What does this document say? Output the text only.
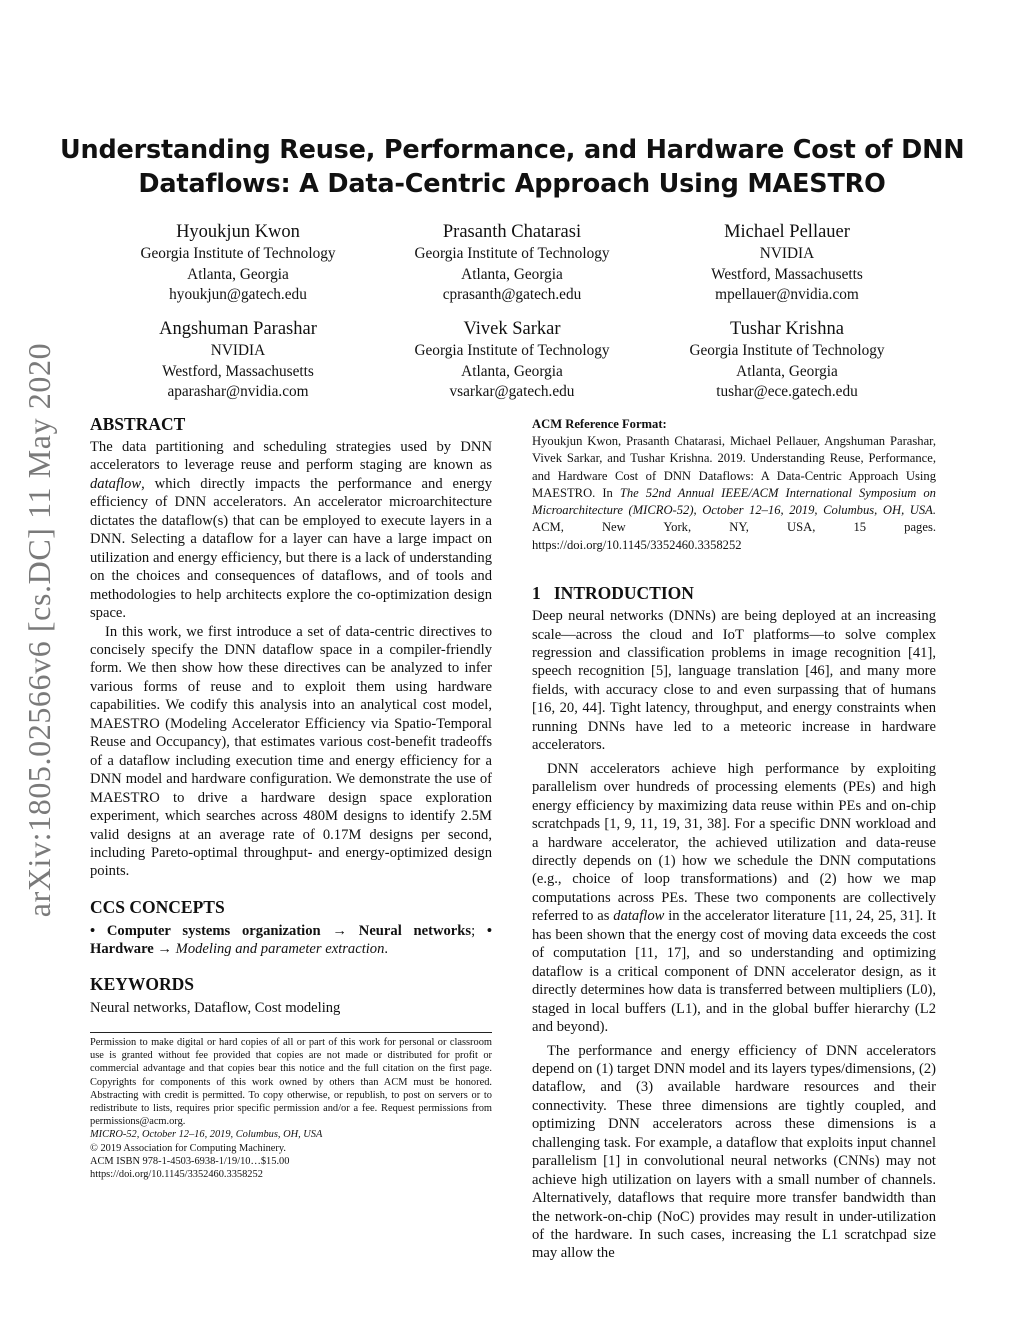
Understanding Reuse, Performance, and Hardware Cost of DNN
Dataflows: A Data-Centric Approach Using MAESTRO
Hyoukjun Kwon
Georgia Institute of Technology
Atlanta, Georgia
hyoukjun@gatech.edu
Prasanth Chatarasi
Georgia Institute of Technology
Atlanta, Georgia
cprasanth@gatech.edu
Michael Pellauer
NVIDIA
Westford, Massachusetts
mpellauer@nvidia.com
Angshuman Parashar
NVIDIA
Westford, Massachusetts
aparashar@nvidia.com
Vivek Sarkar
Georgia Institute of Technology
Atlanta, Georgia
vsarkar@gatech.edu
Tushar Krishna
Georgia Institute of Technology
Atlanta, Georgia
tushar@ece.gatech.edu
arXiv:1805.02566v6 [cs.DC] 11 May 2020 ABSTRACT

The data partitioning and scheduling strategies used by DNN accelerators to leverage reuse and perform staging are known as dataflow, which directly impacts the performance and energy efficiency of DNN accelerators. An accelerator microarchitecture dictates the dataflow(s) that can be employed to execute layers in a DNN. Selecting a dataflow for a layer can have a large impact on utilization and energy efficiency, but there is a lack of understanding on the choices and consequences of dataflows, and of tools and methodologies to help architects explore the co-optimization design space.

In this work, we first introduce a set of data-centric directives to concisely specify the DNN dataflow space in a compiler-friendly form. We then show how these directives can be analyzed to infer various forms of reuse and to exploit them using hardware capabilities. We codify this analysis into an analytical cost model, MAESTRO (Modeling Accelerator Efficiency via Spatio-Temporal Reuse and Occupancy), that estimates various cost-benefit tradeoffs of a dataflow including execution time and energy efficiency for a DNN model and hardware configuration. We demonstrate the use of MAESTRO to drive a hardware design space exploration experiment, which searches across 480M designs to identify 2.5M valid designs at an average rate of 0.17M designs per second, including Pareto-optimal throughput- and energy-optimized design points.

CCS CONCEPTS

• Computer systems organization → Neural networks; • Hardware → Modeling and parameter extraction.

KEYWORDS

Neural networks, Dataflow, Cost modeling

Permission to make digital or hard copies of all or part of this work for personal or classroom use is granted without fee provided that copies are not made or distributed for profit or commercial advantage and that copies bear this notice and the full citation on the first page. Copyrights for components of this work owned by others than ACM must be honored. Abstracting with credit is permitted. To copy otherwise, or republish, to post on servers or to redistribute to lists, requires prior specific permission and/or a fee. Request permissions from permissions@acm.org.
MICRO-52, October 12–16, 2019, Columbus, OH, USA
© 2019 Association for Computing Machinery.
ACM ISBN 978-1-4503-6938-1/19/10…$15.00
https://doi.org/10.1145/3352460.3358252
ACM Reference Format:
Hyoukjun Kwon, Prasanth Chatarasi, Michael Pellauer, Angshuman Parashar, Vivek Sarkar, and Tushar Krishna. 2019. Understanding Reuse, Performance, and Hardware Cost of DNN Dataflows: A Data-Centric Approach Using MAESTRO. In The 52nd Annual IEEE/ACM International Symposium on Microarchitecture (MICRO-52), October 12–16, 2019, Columbus, OH, USA. ACM, New York, NY, USA, 15 pages. https://doi.org/10.1145/3352460.3358252
1   INTRODUCTION

Deep neural networks (DNNs) are being deployed at an increasing scale—across the cloud and IoT platforms—to solve complex regression and classification problems in image recognition [41], speech recognition [5], language translation [46], and many more fields, with accuracy close to and even surpassing that of humans [16, 20, 44]. Tight latency, throughput, and energy constraints when running DNNs have led to a meteoric increase in hardware accelerators.

DNN accelerators achieve high performance by exploiting parallelism over hundreds of processing elements (PEs) and high energy efficiency by maximizing data reuse within PEs and on-chip scratchpads [1, 9, 11, 19, 31, 38]. For a specific DNN workload and a hardware accelerator, the achieved utilization and data-reuse directly depends on (1) how we schedule the DNN computations (e.g., choice of loop transformations) and (2) how we map computations across PEs. These two components are collectively referred to as dataflow in the accelerator literature [11, 24, 25, 31]. It has been shown that the energy cost of moving data exceeds the cost of computation [11, 17], and so understanding and optimizing dataflow is a critical component of DNN accelerator design, as it directly determines how data is transferred between multipliers (L0), staged in local buffers (L1), and in the global buffer hierarchy (L2 and beyond).

The performance and energy efficiency of DNN accelerators depend on (1) target DNN model and its layers types/dimensions, (2) dataflow, and (3) available hardware resources and their connectivity. These three dimensions are tightly coupled, and optimizing DNN accelerators across these dimensions is a challenging task. For example, a dataflow that exploits input channel parallelism [1] in convolutional neural networks (CNNs) may not achieve high utilization on layers with a small number of channels. Alternatively, dataflows that require more transfer bandwidth than the network-on-chip (NoC) provides may result in under-utilization of the hardware. In such cases, increasing the L1 scratchpad size may allow the
